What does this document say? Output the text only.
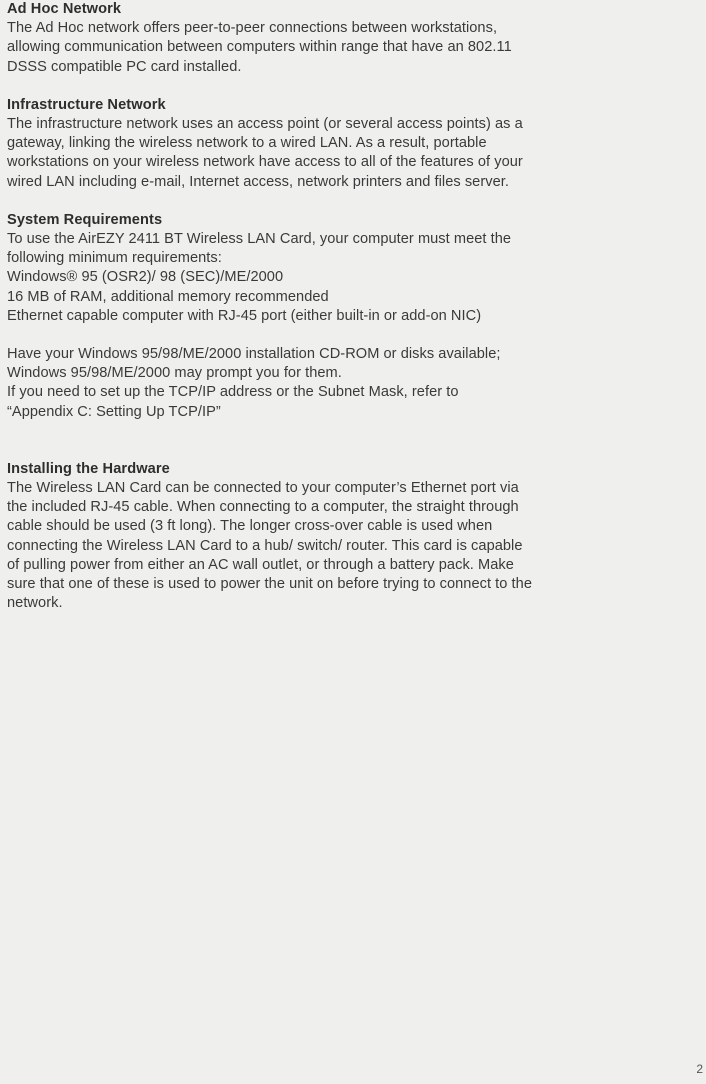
Ad Hoc Network

The Ad Hoc network offers peer-to-peer connections between workstations,

allowing communication between computers within range that have an 802.11

DSSS compatible PC card installed.

Infrastructure Network

The infrastructure network uses an access point (or several access points) as a

gateway, linking the wireless network to a wired LAN. As a result, portable

workstations on your wireless network have access to all of the features of your

wired LAN including e-mail, Internet access, network printers and files server.

System Requirements

To use the AirEZY 2411 BT Wireless LAN Card, your computer must meet the

following minimum requirements:

Windows® 95 (OSR2)/ 98 (SEC)/ME/2000

16 MB of RAM, additional memory recommended

Ethernet capable computer with RJ-45 port (either built-in or add-on NIC)

Have your Windows 95/98/ME/2000 installation CD-ROM or disks available;

Windows 95/98/ME/2000 may prompt you for them.

If you need to set up the TCP/IP address or the Subnet Mask, refer to

“Appendix C: Setting Up TCP/IP”

Installing the Hardware

The Wireless LAN Card can be connected to your computer’s Ethernet port via

the included RJ-45 cable. When connecting to a computer, the straight through

cable should be used (3 ft long). The longer cross-over cable is used when

connecting the Wireless LAN Card to a hub/ switch/ router. This card is capable

of pulling power from either an AC wall outlet, or through a battery pack. Make

sure that one of these is used to power the unit on before trying to connect to the

network.

2
